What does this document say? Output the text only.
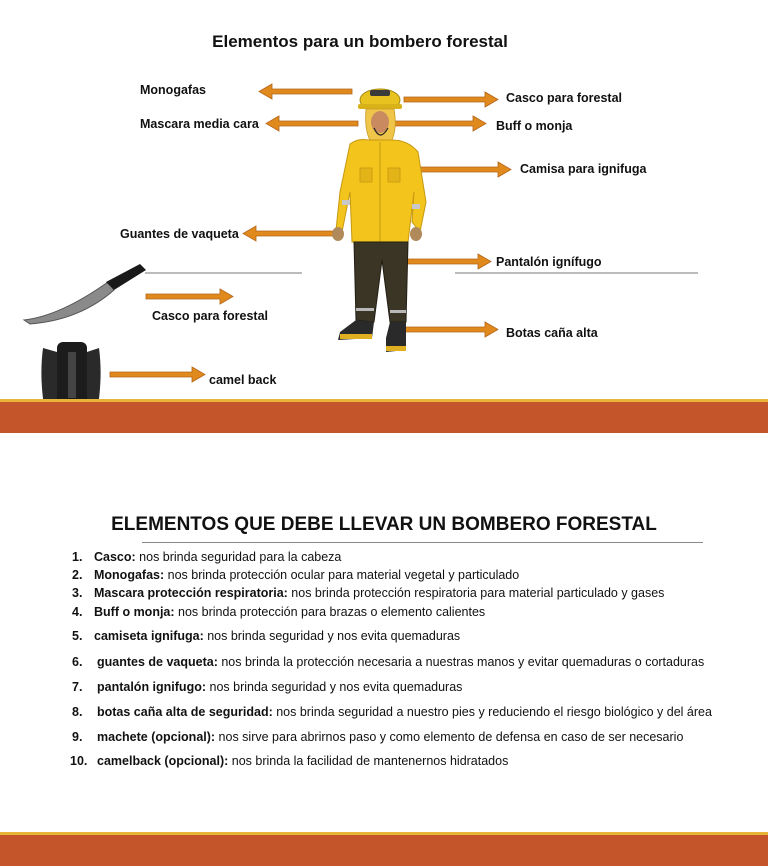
Elementos para un bombero forestal
Monogafas
Mascara media cara
Guantes de vaqueta
Casco para forestal
camel back
Casco para forestal
Buff o monja
Camisa para ignifuga
Pantalón ignífugo
Botas caña alta
ELEMENTOS QUE DEBE LLEVAR UN BOMBERO FORESTAL
1. Casco: nos brinda seguridad para la cabeza
2. Monogafas: nos brinda protección ocular para material vegetal y particulado
3. Mascara protección respiratoria: nos brinda protección respiratoria para material particulado y gases
4. Buff o monja: nos brinda protección para brazas o elemento calientes
5. camiseta ignifuga: nos brinda seguridad y nos evita quemaduras
6. guantes de vaqueta: nos brinda la protección necesaria a nuestras manos y evitar quemaduras o cortaduras
7. pantalón ignifugo: nos brinda seguridad y nos evita quemaduras
8. botas caña alta de seguridad: nos brinda seguridad a nuestro pies y reduciendo el riesgo biológico y del área
9. machete (opcional): nos sirve para abrirnos paso y como elemento de defensa en caso de ser necesario
10. camelback (opcional): nos brinda la facilidad de mantenernos hidratados
